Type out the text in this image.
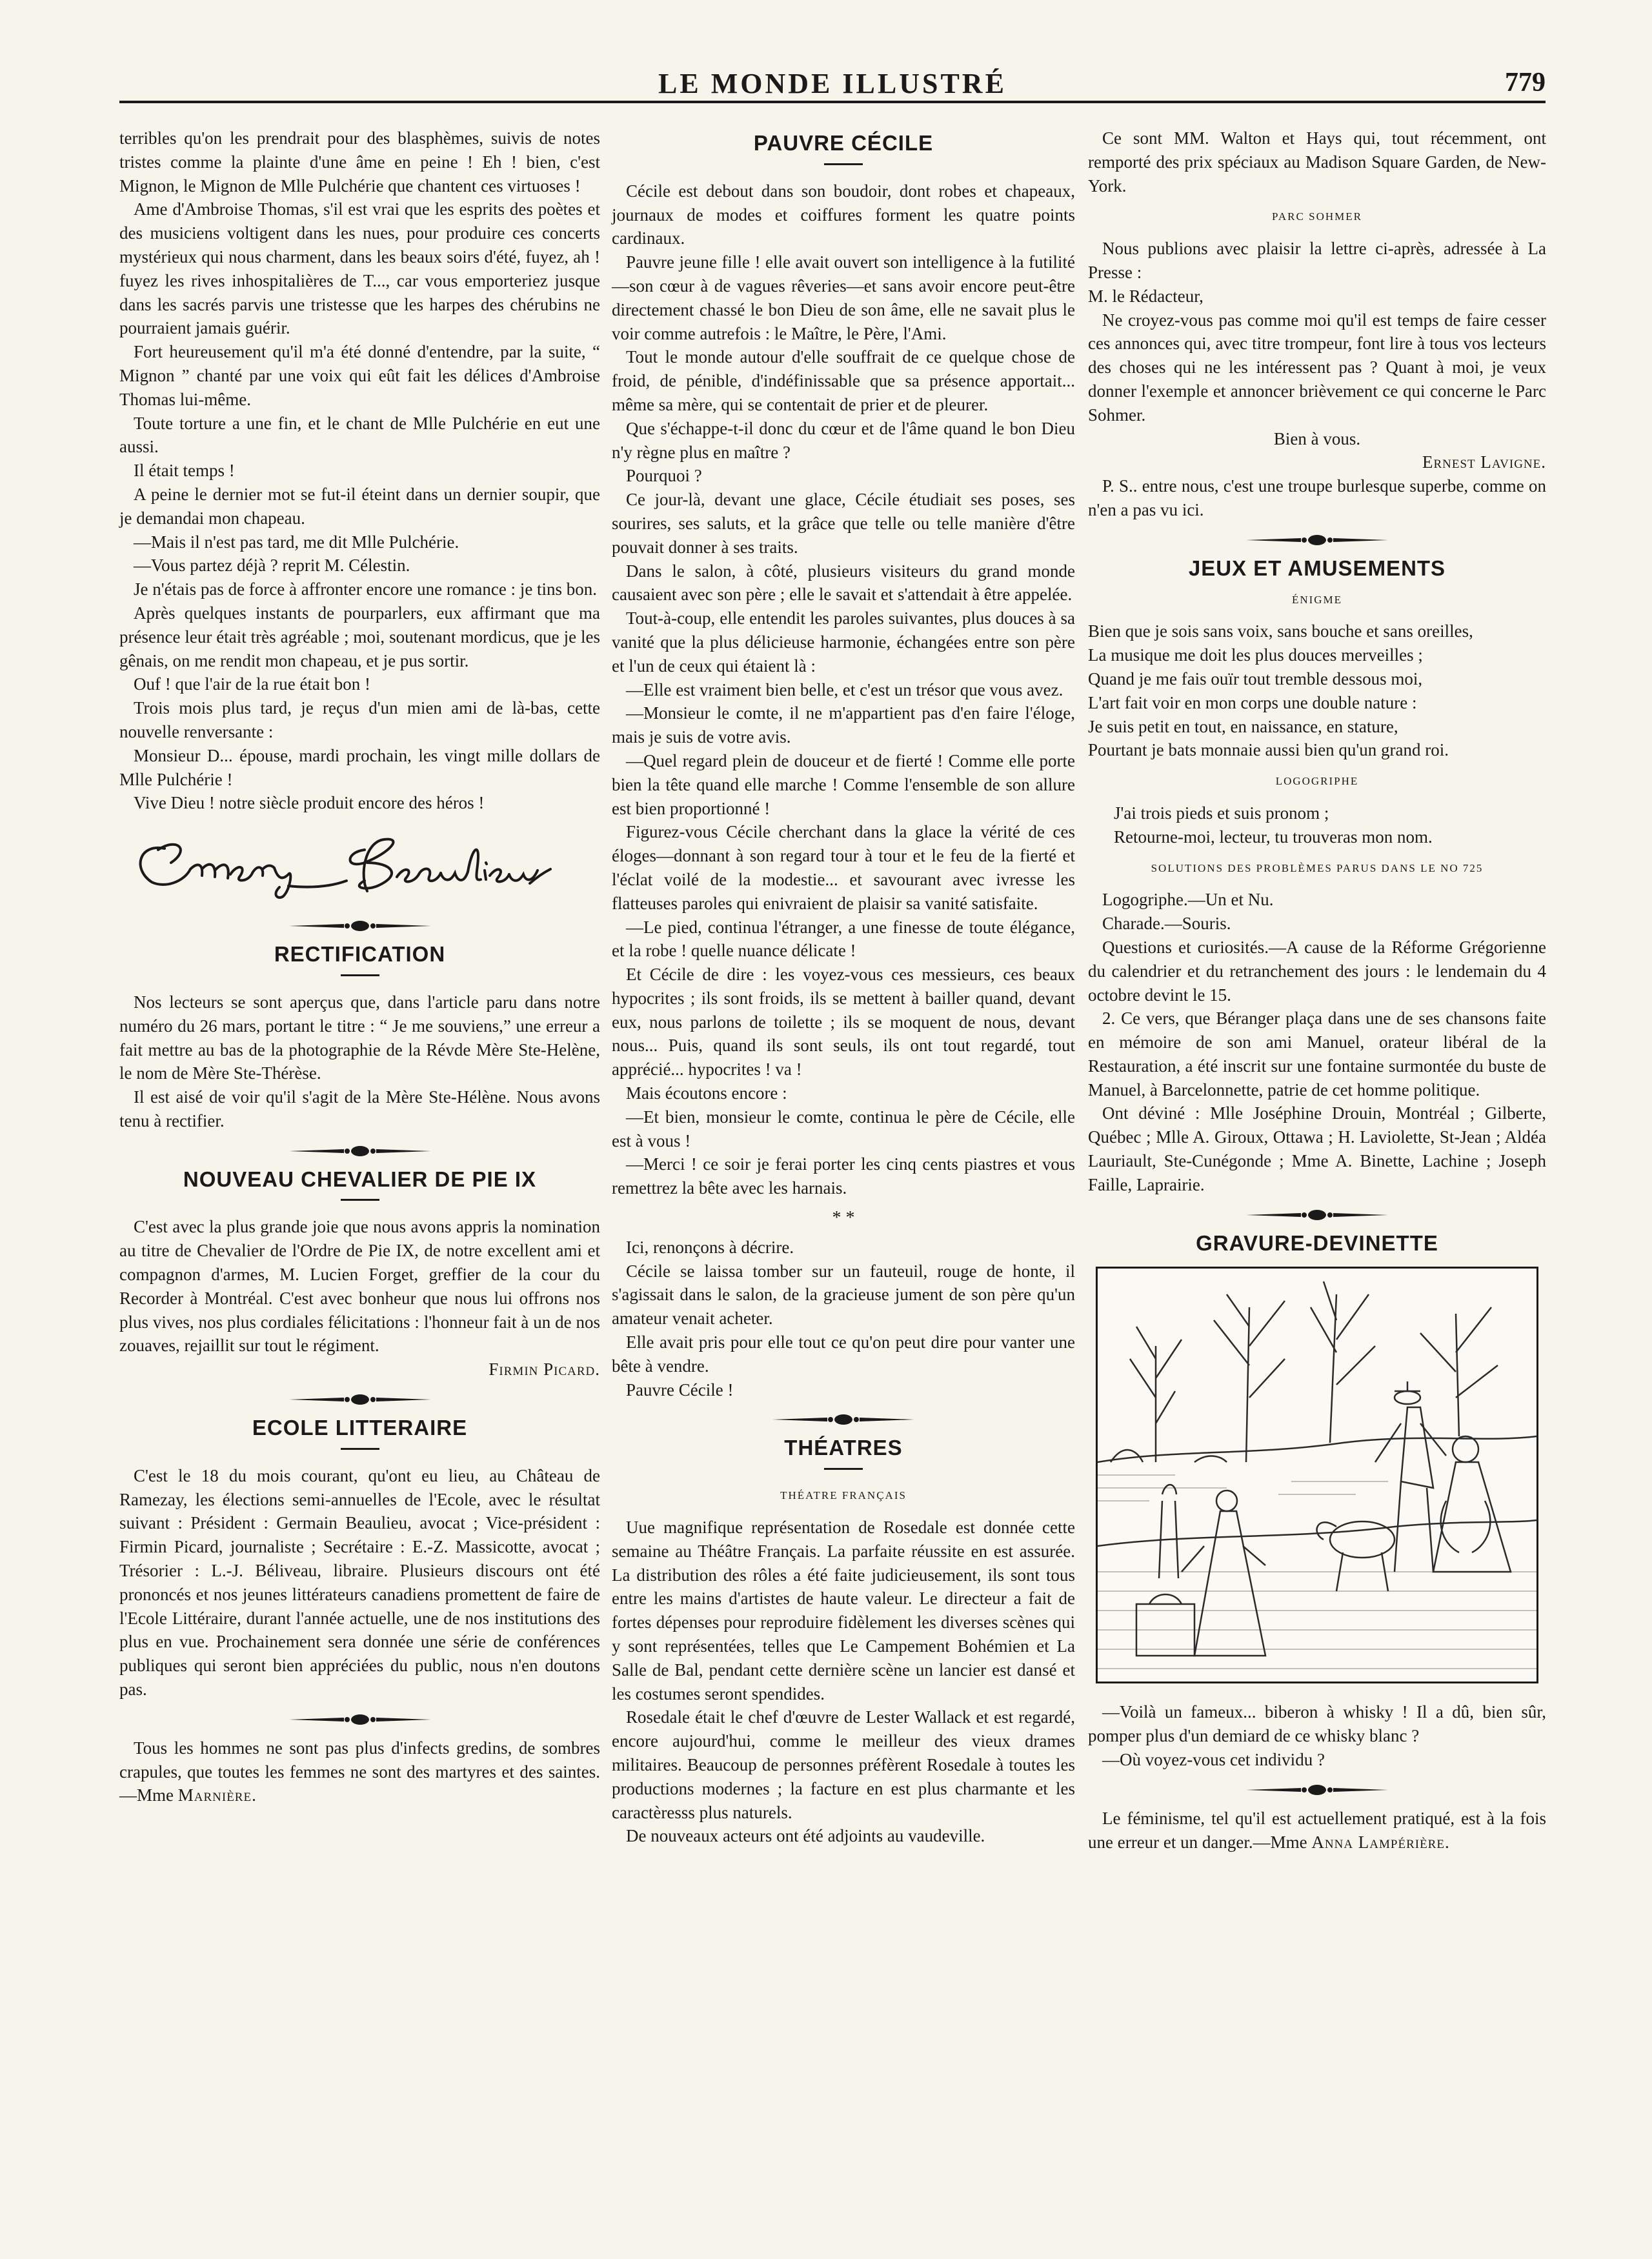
LE MONDE ILLUSTRÉ	779

terribles qu'on les prendrait pour des blasphèmes, suivis de notes tristes comme la plainte d'une âme en peine ! Eh ! bien, c'est Mignon, le Mignon de Mlle Pulchérie que chantent ces virtuoses !

Ame d'Ambroise Thomas, s'il est vrai que les esprits des poètes et des musiciens voltigent dans les nues, pour produire ces concerts mystérieux qui nous charment, dans les beaux soirs d'été, fuyez, ah ! fuyez les rives inhospitalières de T..., car vous emporteriez jusque dans les sacrés parvis une tristesse que les harpes des chérubins ne pourraient jamais guérir.

Fort heureusement qu'il m'a été donné d'entendre, par la suite, “ Mignon ” chanté par une voix qui eût fait les délices d'Ambroise Thomas lui-même.

Toute torture a une fin, et le chant de Mlle Pulchérie en eut une aussi.

Il était temps !

A peine le dernier mot se fut-il éteint dans un dernier soupir, que je demandai mon chapeau.

—Mais il n'est pas tard, me dit Mlle Pulchérie.

—Vous partez déjà ? reprit M. Célestin.

Je n'étais pas de force à affronter encore une romance : je tins bon.

Après quelques instants de pourparlers, eux affirmant que ma présence leur était très agréable ; moi, soutenant mordicus, que je les gênais, on me rendit mon chapeau, et je pus sortir.

Ouf ! que l'air de la rue était bon !

Trois mois plus tard, je reçus d'un mien ami de là-bas, cette nouvelle renversante :

Monsieur D... épouse, mardi prochain, les vingt mille dollars de Mlle Pulchérie !

Vive Dieu ! notre siècle produit encore des héros !

RECTIFICATION

Nos lecteurs se sont aperçus que, dans l'article paru dans notre numéro du 26 mars, portant le titre : “ Je me souviens,” une erreur a fait mettre au bas de la photographie de la Révde Mère Ste-Helène, le nom de Mère Ste-Thérèse.

Il est aisé de voir qu'il s'agit de la Mère Ste-Hélène. Nous avons tenu à rectifier.

NOUVEAU CHEVALIER DE PIE IX

C'est avec la plus grande joie que nous avons appris la nomination au titre de Chevalier de l'Ordre de Pie IX, de notre excellent ami et compagnon d'armes, M. Lucien Forget, greffier de la cour du Recorder à Montréal. C'est avec bonheur que nous lui offrons nos plus vives, nos plus cordiales félicitations : l'honneur fait à un de nos zouaves, rejaillit sur tout le régiment.

Firmin Picard.

ECOLE LITTERAIRE

C'est le 18 du mois courant, qu'ont eu lieu, au Château de Ramezay, les élections semi-annuelles de l'Ecole, avec le résultat suivant : Président : Germain Beaulieu, avocat ; Vice-président : Firmin Picard, journaliste ; Secrétaire : E.-Z. Massicotte, avocat ; Trésorier : L.-J. Béliveau, libraire. Plusieurs discours ont été prononcés et nos jeunes littérateurs canadiens promettent de faire de l'Ecole Littéraire, durant l'année actuelle, une de nos institutions des plus en vue. Prochainement sera donnée une série de conférences publiques qui seront bien appréciées du public, nous n'en doutons pas.

Tous les hommes ne sont pas plus d'infects gredins, de sombres crapules, que toutes les femmes ne sont des martyres et des saintes.—Mme Marnière.

PAUVRE CÉCILE

Cécile est debout dans son boudoir, dont robes et chapeaux, journaux de modes et coiffures forment les quatre points cardinaux.

Pauvre jeune fille ! elle avait ouvert son intelligence à la futilité—son cœur à de vagues rêveries—et sans avoir encore peut-être directement chassé le bon Dieu de son âme, elle ne savait plus le voir comme autrefois : le Maître, le Père, l'Ami.

Tout le monde autour d'elle souffrait de ce quelque chose de froid, de pénible, d'indéfinissable que sa présence apportait... même sa mère, qui se contentait de prier et de pleurer.

Que s'échappe-t-il donc du cœur et de l'âme quand le bon Dieu n'y règne plus en maître ?

Pourquoi ?

Ce jour-là, devant une glace, Cécile étudiait ses poses, ses sourires, ses saluts, et la grâce que telle ou telle manière d'être pouvait donner à ses traits.

Dans le salon, à côté, plusieurs visiteurs du grand monde causaient avec son père ; elle le savait et s'attendait à être appelée.

Tout-à-coup, elle entendit les paroles suivantes, plus douces à sa vanité que la plus délicieuse harmonie, échangées entre son père et l'un de ceux qui étaient là :

—Elle est vraiment bien belle, et c'est un trésor que vous avez.

—Monsieur le comte, il ne m'appartient pas d'en faire l'éloge, mais je suis de votre avis.

—Quel regard plein de douceur et de fierté ! Comme elle porte bien la tête quand elle marche ! Comme l'ensemble de son allure est bien proportionné !

Figurez-vous Cécile cherchant dans la glace la vérité de ces éloges—donnant à son regard tour à tour et le feu de la fierté et l'éclat voilé de la modestie... et savourant avec ivresse les flatteuses paroles qui enivraient de plaisir sa vanité satisfaite.

—Le pied, continua l'étranger, a une finesse de toute élégance, et la robe ! quelle nuance délicate !

Et Cécile de dire : les voyez-vous ces messieurs, ces beaux hypocrites ; ils sont froids, ils se mettent à bailler quand, devant eux, nous parlons de toilette ; ils se moquent de nous, devant nous... Puis, quand ils sont seuls, ils ont tout regardé, tout apprécié... hypocrites ! va !

Mais écoutons encore :

—Et bien, monsieur le comte, continua le père de Cécile, elle est à vous !

—Merci ! ce soir je ferai porter les cinq cents piastres et vous remettrez la bête avec les harnais.

* *

Ici, renonçons à décrire.

Cécile se laissa tomber sur un fauteuil, rouge de honte, il s'agissait dans le salon, de la gracieuse jument de son père qu'un amateur venait acheter.

Elle avait pris pour elle tout ce qu'on peut dire pour vanter une bête à vendre.

Pauvre Cécile !

THÉATRES
THÉATRE FRANÇAIS

Uue magnifique représentation de Rosedale est donnée cette semaine au Théâtre Français. La parfaite réussite en est assurée. La distribution des rôles a été faite judicieusement, ils sont tous entre les mains d'artistes de haute valeur. Le directeur a fait de fortes dépenses pour reproduire fidèlement les diverses scènes qui y sont représentées, telles que Le Campement Bohémien et La Salle de Bal, pendant cette dernière scène un lancier est dansé et les costumes seront spendides.

Rosedale était le chef d'œuvre de Lester Wallack et est regardé, encore aujourd'hui, comme le meilleur des vieux drames militaires. Beaucoup de personnes préfèrent Rosedale à toutes les productions modernes ; la facture en est plus charmante et les caractèresss plus naturels.

De nouveaux acteurs ont été adjoints au vaudeville.

Ce sont MM. Walton et Hays qui, tout récemment, ont remporté des prix spéciaux au Madison Square Garden, de New-York.

PARC SOHMER

Nous publions avec plaisir la lettre ci-après, adressée à La Presse :

M. le Rédacteur,

Ne croyez-vous pas comme moi qu'il est temps de faire cesser ces annonces qui, avec titre trompeur, font lire à tous vos lecteurs des choses qui ne les intéressent pas ? Quant à moi, je veux donner l'exemple et annoncer brièvement ce qui concerne le Parc Sohmer.

Bien à vous.

Ernest Lavigne.

P. S.. entre nous, c'est une troupe burlesque superbe, comme on n'en a pas vu ici.

JEUX ET AMUSEMENTS
ÉNIGME

Bien que je sois sans voix, sans bouche et sans oreilles,

La musique me doit les plus douces merveilles ;

Quand je me fais ouïr tout tremble dessous moi,

L'art fait voir en mon corps une double nature :

Je suis petit en tout, en naissance, en stature,

Pourtant je bats monnaie aussi bien qu'un grand roi.

LOGOGRIPHE

J'ai trois pieds et suis pronom ;

Retourne-moi, lecteur, tu trouveras mon nom.

SOLUTIONS DES PROBLÈMES PARUS DANS LE NO 725

Logogriphe.—Un et Nu.

Charade.—Souris.

Questions et curiosités.—A cause de la Réforme Grégorienne du calendrier et du retranchement des jours : le lendemain du 4 octobre devint le 15.

2. Ce vers, que Béranger plaça dans une de ses chansons faite en mémoire de son ami Manuel, orateur libéral de la Restauration, a été inscrit sur une fontaine surmontée du buste de Manuel, à Barcelonnette, patrie de cet homme politique.

Ont déviné : Mlle Joséphine Drouin, Montréal ; Gilberte, Québec ; Mlle A. Giroux, Ottawa ; H. Laviolette, St-Jean ; Aldéa Lauriault, Ste-Cunégonde ; Mme A. Binette, Lachine ; Joseph Faille, Laprairie.

GRAVURE-DEVINETTE

—Voilà un fameux... biberon à whisky ! Il a dû, bien sûr, pomper plus d'un demiard de ce whisky blanc ?

—Où voyez-vous cet individu ?

Le féminisme, tel qu'il est actuellement pratiqué, est à la fois une erreur et un danger.—Mme Anna Lampérière.
